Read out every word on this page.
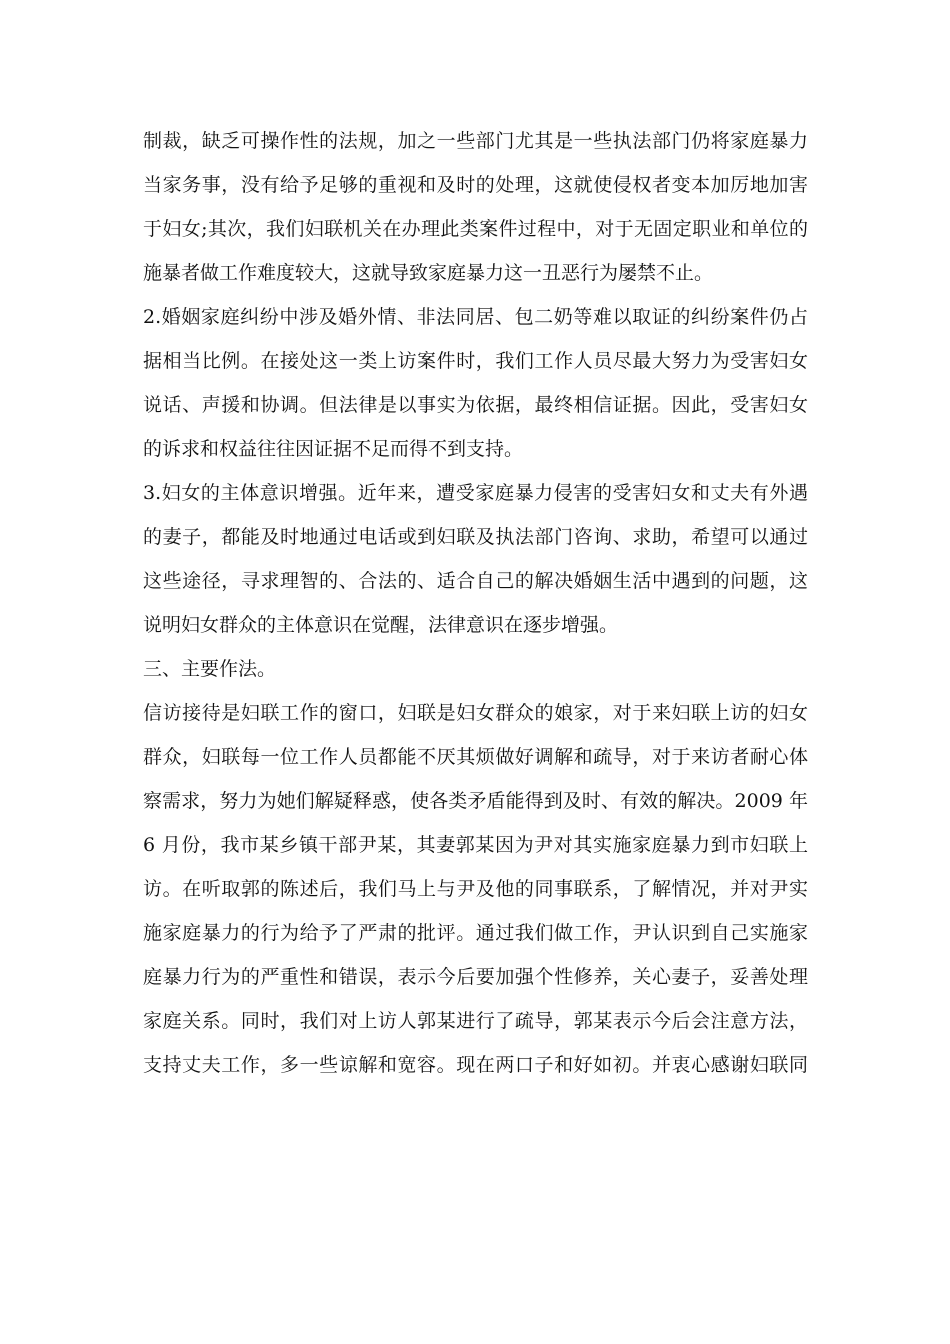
制裁，缺乏可操作性的法规，加之一些部门尤其是一些执法部门仍将家庭暴力
当家务事，没有给予足够的重视和及时的处理，这就使侵权者变本加厉地加害
于妇女;其次，我们妇联机关在办理此类案件过程中，对于无固定职业和单位的
施暴者做工作难度较大，这就导致家庭暴力这一丑恶行为屡禁不止。
2.婚姻家庭纠纷中涉及婚外情、非法同居、包二奶等难以取证的纠纷案件仍占
据相当比例。在接处这一类上访案件时，我们工作人员尽最大努力为受害妇女
说话、声援和协调。但法律是以事实为依据，最终相信证据。因此，受害妇女
的诉求和权益往往因证据不足而得不到支持。
3.妇女的主体意识增强。近年来，遭受家庭暴力侵害的受害妇女和丈夫有外遇
的妻子，都能及时地通过电话或到妇联及执法部门咨询、求助，希望可以通过
这些途径，寻求理智的、合法的、适合自己的解决婚姻生活中遇到的问题，这
说明妇女群众的主体意识在觉醒，法律意识在逐步增强。
三、主要作法。
信访接待是妇联工作的窗口，妇联是妇女群众的娘家，对于来妇联上访的妇女
群众，妇联每一位工作人员都能不厌其烦做好调解和疏导，对于来访者耐心体
察需求，努力为她们解疑释惑，使各类矛盾能得到及时、有效的解决。2009 年
6 月份，我市某乡镇干部尹某，其妻郭某因为尹对其实施家庭暴力到市妇联上
访。在听取郭的陈述后，我们马上与尹及他的同事联系，了解情况，并对尹实
施家庭暴力的行为给予了严肃的批评。通过我们做工作，尹认识到自己实施家
庭暴力行为的严重性和错误，表示今后要加强个性修养，关心妻子，妥善处理
家庭关系。同时，我们对上访人郭某进行了疏导，郭某表示今后会注意方法，
支持丈夫工作，多一些谅解和宽容。现在两口子和好如初。并衷心感谢妇联同
